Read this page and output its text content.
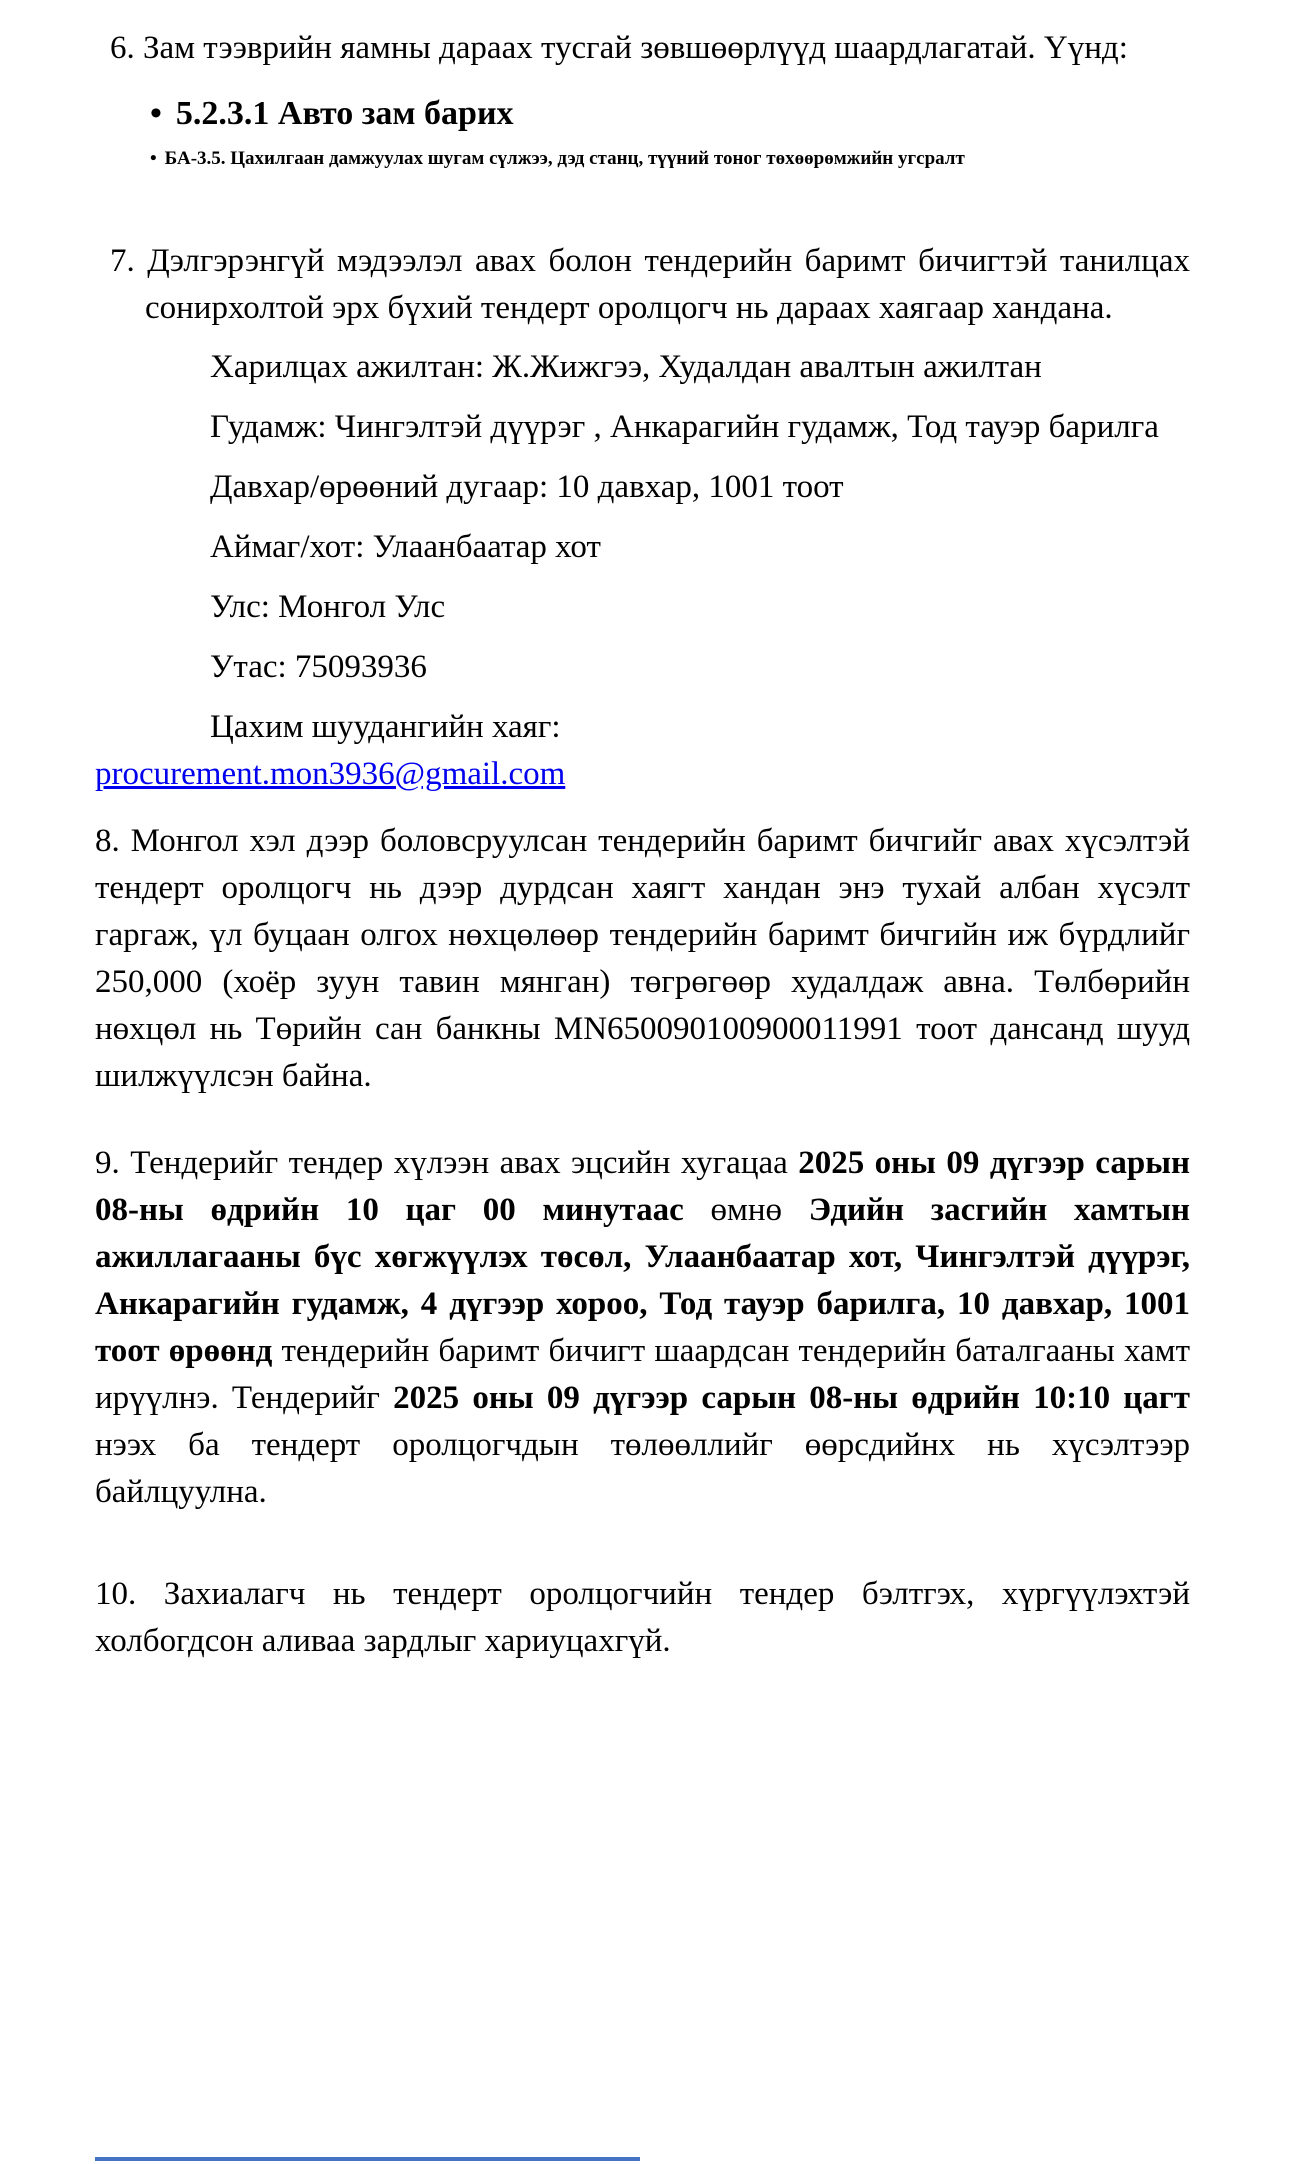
6. Зам тээврийн яамны дараах тусгай зөвшөөрлүүд шаардлагатай. Үүнд:

• 5.2.3.1 Авто зам барих

• БА-3.5. Цахилгаан дамжуулах шугам сүлжээ, дэд станц, түүний тоног төхөөрөмжийн угсралт

7. Дэлгэрэнгүй мэдээлэл авах болон тендерийн баримт бичигтэй танилцах сонирхолтой эрх бүхий тендерт оролцогч нь дараах хаягаар хандана.

Харилцах ажилтан: Ж.Жижгээ, Худалдан авалтын ажилтан

Гудамж: Чингэлтэй дүүрэг , Анкарагийн гудамж, Тод тауэр барилга

Давхар/өрөөний дугаар: 10 давхар, 1001 тоот

Аймаг/хот: Улаанбаатар хот

Улс: Монгол Улс

Утас: 75093936

Цахим шуудангийн хаяг:
procurement.mon3936@gmail.com

8. Монгол хэл дээр боловсруулсан тендерийн баримт бичгийг авах хүсэлтэй тендерт оролцогч нь дээр дурдсан хаягт хандан энэ тухай албан хүсэлт гаргаж, үл буцаан олгох нөхцөлөөр тендерийн баримт бичгийн иж бүрдлийг 250,000 (хоёр зуун тавин мянган) төгрөгөөр худалдаж авна. Төлбөрийн нөхцөл нь Төрийн сан банкны MN650090100900011991 тоот дансанд шууд шилжүүлсэн байна.

9. Тендерийг тендер хүлээн авах эцсийн хугацаа 2025 оны 09 дүгээр сарын 08-ны өдрийн 10 цаг 00 минутаас өмнө Эдийн засгийн хамтын ажиллагааны бүс хөгжүүлэх төсөл, Улаанбаатар хот, Чингэлтэй дүүрэг, Анкарагийн гудамж, 4 дүгээр хороо, Тод тауэр барилга, 10 давхар, 1001 тоот өрөөнд тендерийн баримт бичигт шаардсан тендерийн баталгааны хамт ирүүлнэ. Тендерийг 2025 оны 09 дүгээр сарын 08-ны өдрийн 10:10 цагт нээх ба тендерт оролцогчдын төлөөллийг өөрсдийнх нь хүсэлтээр байлцуулна.

10. Захиалагч нь тендерт оролцогчийн тендер бэлтгэх, хүргүүлэхтэй холбогдсон аливаа зардлыг хариуцахгүй.
